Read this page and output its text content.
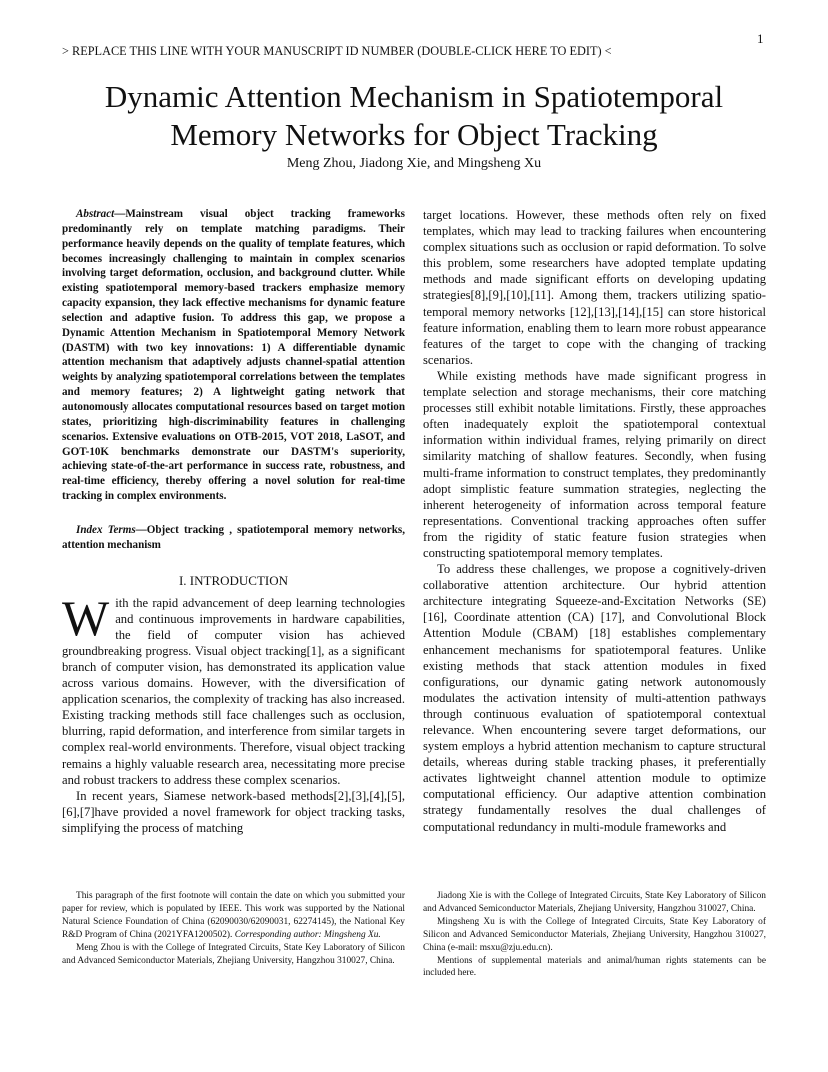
1
> REPLACE THIS LINE WITH YOUR MANUSCRIPT ID NUMBER (DOUBLE-CLICK HERE TO EDIT) <
Dynamic Attention Mechanism in Spatiotemporal
Memory Networks for Object Tracking
Meng Zhou, Jiadong Xie, and Mingsheng Xu

Abstract—Mainstream visual object tracking frameworks predominantly rely on template matching paradigms. Their performance heavily depends on the quality of template features, which becomes increasingly challenging to maintain in complex scenarios involving target deformation, occlusion, and background clutter. While existing spatiotemporal memory-based trackers emphasize memory capacity expansion, they lack effective mechanisms for dynamic feature selection and adaptive fusion. To address this gap, we propose a Dynamic Attention Mechanism in Spatiotemporal Memory Network (DASTM) with two key innovations: 1) A differentiable dynamic attention mechanism that adaptively adjusts channel-spatial attention weights by analyzing spatiotemporal correlations between the templates and memory features; 2) A lightweight gating network that autonomously allocates computational resources based on target motion states, prioritizing high-discriminability features in challenging scenarios. Extensive evaluations on OTB-2015, VOT 2018, LaSOT, and GOT-10K benchmarks demonstrate our DASTM's superiority, achieving state-of-the-art performance in success rate, robustness, and real-time efficiency, thereby offering a novel solution for real-time tracking in complex environments.

Index Terms—Object tracking , spatiotemporal memory networks, attention mechanism

I. INTRODUCTION

With the rapid advancement of deep learning technologies and continuous improvements in hardware capabilities, the field of computer vision has achieved groundbreaking progress. Visual object tracking[1], as a significant branch of computer vision, has demonstrated its application value across various domains. However, with the diversification of application scenarios, the complexity of tracking has also increased. Existing tracking methods still face challenges such as occlusion, blurring, rapid deformation, and interference from similar targets in complex real-world environments. Therefore, visual object tracking remains a highly valuable research area, necessitating more precise and robust trackers to address these complex scenarios.

In recent years, Siamese network-based methods[2],[3],[4],[5],[6],[7]have provided a novel framework for object tracking tasks, simplifying the process of matching

target locations. However, these methods often rely on fixed templates, which may lead to tracking failures when encountering complex situations such as occlusion or rapid deformation. To solve this problem, some researchers have adopted template updating methods and made significant efforts on developing updating strategies[8],[9],[10],[11]. Among them, trackers utilizing spatio-temporal memory networks [12],[13],[14],[15] can store historical feature information, enabling them to learn more robust appearance features of the target to cope with the changing of tracking scenarios.

While existing methods have made significant progress in template selection and storage mechanisms, their core matching processes still exhibit notable limitations. Firstly, these approaches often inadequately exploit the spatiotemporal contextual information within individual frames, relying primarily on direct similarity matching of shallow features. Secondly, when fusing multi-frame information to construct templates, they predominantly adopt simplistic feature summation strategies, neglecting the inherent heterogeneity of information across temporal feature representations. Conventional tracking approaches often suffer from the rigidity of static feature fusion strategies when constructing spatiotemporal memory templates.

To address these challenges, we propose a cognitively-driven collaborative attention architecture. Our hybrid attention architecture integrating Squeeze-and-Excitation Networks (SE)[16], Coordinate attention (CA) [17], and Convolutional Block Attention Module (CBAM) [18] establishes complementary enhancement mechanisms for spatiotemporal features. Unlike existing methods that stack attention modules in fixed configurations, our dynamic gating network autonomously modulates the activation intensity of multi-attention pathways through continuous evaluation of spatiotemporal contextual relevance. When encountering severe target deformations, our system employs a hybrid attention mechanism to capture structural details, whereas during stable tracking phases, it preferentially activates lightweight channel attention module to optimize computational efficiency. Our adaptive attention combination strategy fundamentally resolves the dual challenges of computational redundancy in multi-module frameworks and

This paragraph of the first footnote will contain the date on which you submitted your paper for review, which is populated by IEEE. This work was supported by the National Natural Science Foundation of China (62090030/62090031, 62274145), the National Key R&D Program of China (2021YFA1200502). Corresponding author: Mingsheng Xu.

Meng Zhou is with the College of Integrated Circuits, State Key Laboratory of Silicon and Advanced Semiconductor Materials, Zhejiang University, Hangzhou 310027, China.

Jiadong Xie is with the College of Integrated Circuits, State Key Laboratory of Silicon and Advanced Semiconductor Materials, Zhejiang University, Hangzhou 310027, China.

Mingsheng Xu is with the College of Integrated Circuits, State Key Laboratory of Silicon and Advanced Semiconductor Materials, Zhejiang University, Hangzhou 310027, China (e-mail: msxu@zju.edu.cn).

Mentions of supplemental materials and animal/human rights statements can be included here.
